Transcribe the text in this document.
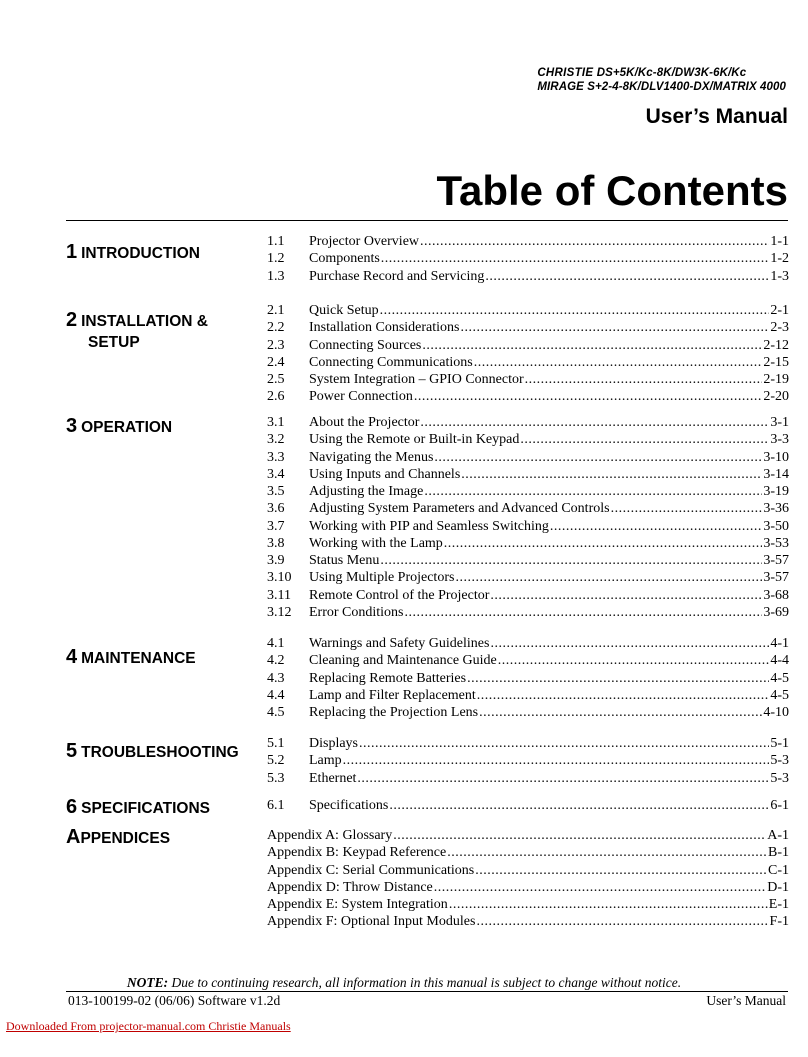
CHRISTIE DS+5K/Kc-8K/DW3K-6K/Kc
MIRAGE S+2-4-8K/DLV1400-DX/MATRIX 4000
User’s Manual
Table of Contents
1 INTRODUCTION
1.1	Projector Overview .....	1-1
1.2	Components .....	1-2
1.3	Purchase Record and Servicing .....	1-3
2 INSTALLATION &
SETUP
2.1	Quick Setup .....	2-1
2.2	Installation Considerations .....	2-3
2.3	Connecting Sources .....	2-12
2.4	Connecting Communications .....	2-15
2.5	System Integration – GPIO Connector .....	2-19
2.6	Power Connection .....	2-20
3 OPERATION	3.1	About the Projector .....	3-1
3.2	Using the Remote or Built-in Keypad .....	3-3
3.3	Navigating the Menus .....	3-10
3.4	Using Inputs and Channels .....	3-14
3.5	Adjusting the Image .....	3-19
3.6	Adjusting System Parameters and Advanced Controls .....	3-36
3.7	Working with PIP and Seamless Switching .....	3-50
3.8	Working with the Lamp .....	3-53
3.9	Status Menu .....	3-57
3.10	Using Multiple Projectors .....	3-57
3.11	Remote Control of the Projector .....	3-68
3.12	Error Conditions .....	3-69
4 MAINTENANCE
4.1	Warnings and Safety Guidelines .....	4-1
4.2	Cleaning and Maintenance Guide .....	4-4
4.3	Replacing Remote Batteries .....	4-5
4.4	Lamp and Filter Replacement .....	4-5
4.5	Replacing the Projection Lens .....	4-10
5 TROUBLESHOOTING
5.1	Displays .....	5-1
5.2	Lamp .....	5-3
5.3	Ethernet .....	5-3
6 SPECIFICATIONS	6.1	Specifications .....	6-1
APPENDICES	Appendix A: Glossary .....	A-1
Appendix B: Keypad Reference .....	B-1
Appendix C: Serial Communications .....	C-1
Appendix D: Throw Distance .....	D-1
Appendix E: System Integration .....	E-1
Appendix F: Optional Input Modules .....	F-1
NOTE: Due to continuing research, all information in this manual is subject to change without notice.
013-100199-02 (06/06) Software v1.2d	User’s Manual
Downloaded From projector-manual.com Christie Manuals
